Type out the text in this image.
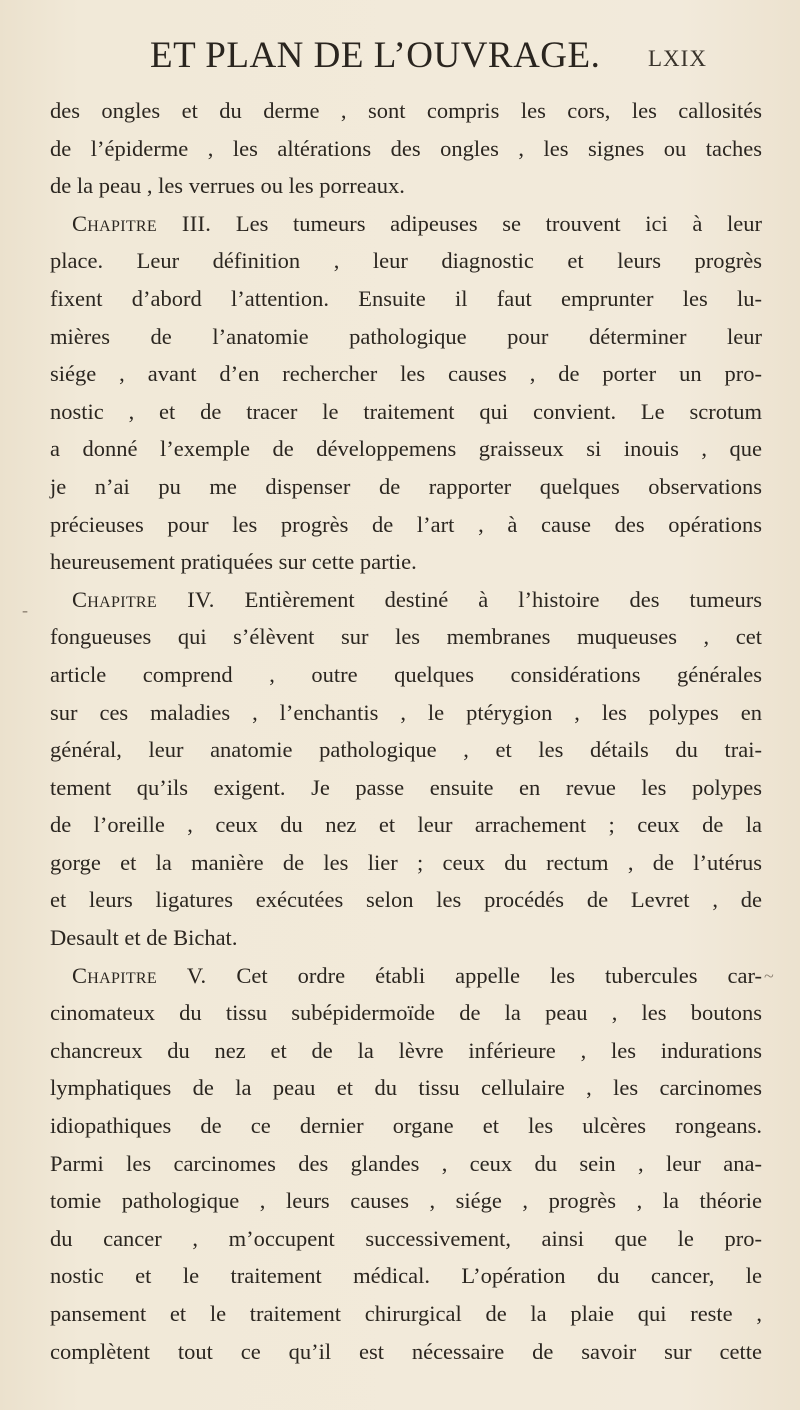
ET PLAN DE L’OUVRAGE. LXIX
des ongles et du derme , sont compris les cors, les callosités
de l’épiderme , les altérations des ongles , les signes ou taches
de la peau , les verrues ou les porreaux.
Chapitre III. Les tumeurs adipeuses se trouvent ici à leur
place. Leur définition , leur diagnostic et leurs progrès
fixent d’abord l’attention. Ensuite il faut emprunter les lu-
mières de l’anatomie pathologique pour déterminer leur
siége , avant d’en rechercher les causes , de porter un pro-
nostic , et de tracer le traitement qui convient. Le scrotum
a donné l’exemple de développemens graisseux si inouis , que
je n’ai pu me dispenser de rapporter quelques observations
précieuses pour les progrès de l’art , à cause des opérations
heureusement pratiquées sur cette partie.
Chapitre IV. Entièrement destiné à l’histoire des tumeurs
fongueuses qui s’élèvent sur les membranes muqueuses , cet
article comprend , outre quelques considérations générales
sur ces maladies , l’enchantis , le ptérygion , les polypes en
général, leur anatomie pathologique , et les détails du trai-
tement qu’ils exigent. Je passe ensuite en revue les polypes
de l’oreille , ceux du nez et leur arrachement ; ceux de la
gorge et la manière de les lier ; ceux du rectum , de l’utérus
et leurs ligatures exécutées selon les procédés de Levret , de
Desault et de Bichat.
Chapitre V. Cet ordre établi appelle les tubercules car-
cinomateux du tissu subépidermoïde de la peau , les boutons
chancreux du nez et de la lèvre inférieure , les indurations
lymphatiques de la peau et du tissu cellulaire , les carcinomes
idiopathiques de ce dernier organe et les ulcères rongeans.
Parmi les carcinomes des glandes , ceux du sein , leur ana-
tomie pathologique , leurs causes , siége , progrès , la théorie
du cancer , m’occupent successivement, ainsi que le pro-
nostic et le traitement médical. L’opération du cancer, le
pansement et le traitement chirurgical de la plaie qui reste ,
complètent tout ce qu’il est nécessaire de savoir sur cette
-
~
